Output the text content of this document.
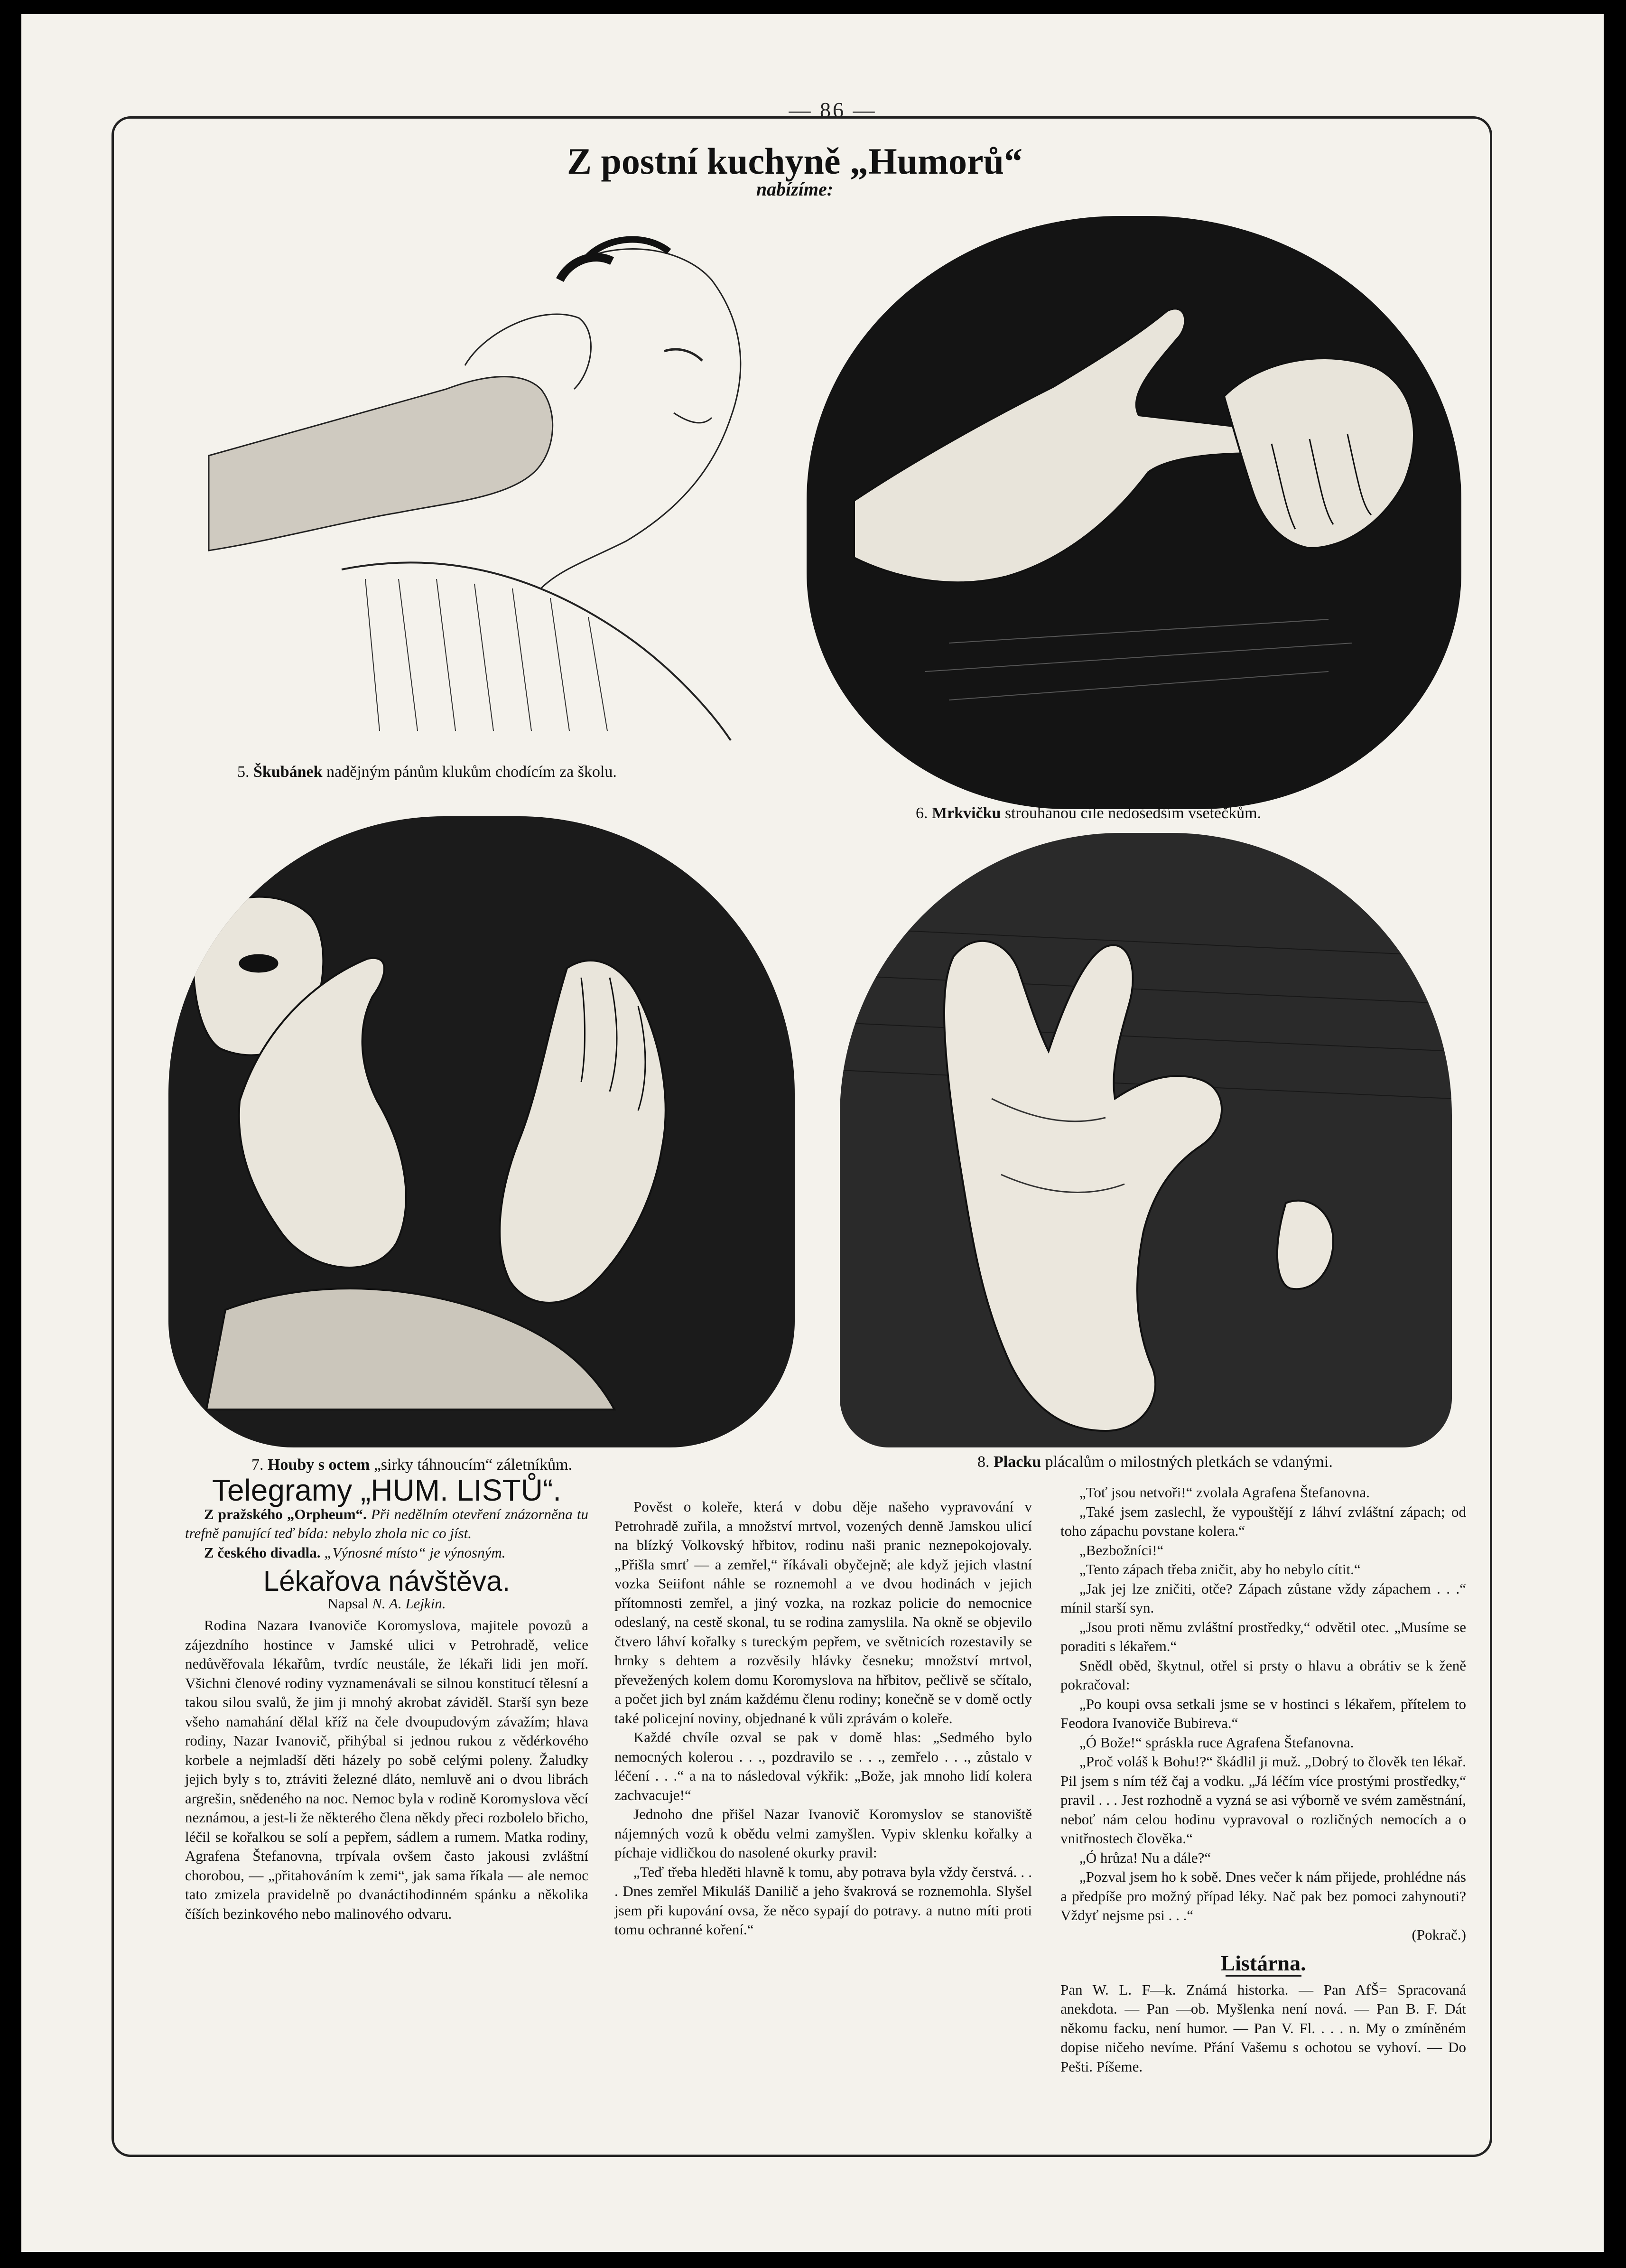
— 86 —
Z postní kuchyně „Humorů“
nabízíme:
5. Škubánek nadějným pánům klukům chodícím za školu.
6. Mrkvičku strouhanou cile nedošedším vsetečkům.
7. Houby s octem „sirky táhnoucím“ záletníkům.	8. Placku plácalům o milostných pletkách se vdanými.
Telegramy „HUM. LISTŮ“.

Z pražského „Orpheum“. Při nedělním otevření znázorněna tu trefně panující teď bída: nebylo zhola nic co jíst.

Z českého divadla. „Výnosné místo“ je výnosným.

Lékařova návštěva.
Napsal N. A. Lejkin.

Rodina Nazara Ivanoviče Koromyslova, majitele povozů a zájezdního hostince v Jamské ulici v Petrohradě, velice nedůvěřovala lékařům, tvrdíc neustále, že lékaři lidi jen moří. Všichni členové rodiny vyznamenávali se silnou konstitucí tělesní a takou silou svalů, že jim ji mnohý akrobat záviděl. Starší syn beze všeho namahání dělal kříž na čele dvoupudovým závažím; hlava rodiny, Nazar Ivanovič, přihýbal si jednou rukou z vědérkového korbele a nejmladší děti házely po sobě celými poleny. Žaludky jejich byly s to, ztráviti železné dláto, nemluvě ani o dvou librách argrešin, snědeného na noc. Nemoc byla v rodině Koromyslova věcí neznámou, a jest-li že některého člena někdy přeci rozbolelo břicho, léčil se kořalkou se solí a pepřem, sádlem a rumem. Matka rodiny, Agrafena Štefanovna, trpívala ovšem často jakousi zvláštní chorobou, — „přitahováním k zemi“, jak sama říkala — ale nemoc tato zmizela pravidelně po dvanáctihodinném spánku a několika číších bezinkového nebo malinového odvaru.

Pověst o koleře, která v dobu děje našeho vypravování v Petrohradě zuřila, a množství mrtvol, vozených denně Jamskou ulicí na blízký Volkovský hřbitov, rodinu naši pranic neznepokojovaly. „Přišla smrť — a zemřel,“ říkávali obyčejně; ale když jejich vlastní vozka Seiifont náhle se roznemohl a ve dvou hodinách v jejich přítomnosti zemřel, a jiný vozka, na rozkaz policie do nemocnice odeslaný, na cestě skonal, tu se rodina zamyslila. Na okně se objevilo čtvero láhví kořalky s tureckým pepřem, ve světnicích rozestavily se hrnky s dehtem a rozvěsily hlávky česneku; množství mrtvol, převežených kolem domu Koromyslova na hřbitov, pečlivě se sčítalo, a počet jich byl znám každému členu rodiny; konečně se v domě octly také policejní noviny, objednané k vůli zprávám o koleře.

Každé chvíle ozval se pak v domě hlas: „Sedmého bylo nemocných kolerou . . ., pozdravilo se . . ., zemřelo . . ., zůstalo v léčení . . .“ a na to následoval výkřik: „Bože, jak mnoho lidí kolera zachvacuje!“

Jednoho dne přišel Nazar Ivanovič Koromyslov se stanoviště nájemných vozů k obědu velmi zamyšlen. Vypiv sklenku kořalky a píchaje vidličkou do nasolené okurky pravil:

„Teď třeba hleděti hlavně k tomu, aby potrava byla vždy čerstvá. . . . Dnes zemřel Mikuláš Danilič a jeho švakrová se roznemohla. Slyšel jsem při kupování ovsa, že něco sypají do potravy. a nutno míti proti tomu ochranné koření.“

„Toť jsou netvoři!“ zvolala Agrafena Štefanovna.

„Také jsem zaslechl, že vypouštějí z láhví zvláštní zápach; od toho zápachu povstane kolera.“

„Bezbožníci!“

„Tento zápach třeba zničit, aby ho nebylo cítit.“

„Jak jej lze zničiti, otče? Zápach zůstane vždy zápachem . . .“ mínil starší syn.

„Jsou proti němu zvláštní prostředky,“ odvětil otec. „Musíme se poraditi s lékařem.“

Snědl oběd, škytnul, otřel si prsty o hlavu a obrátiv se k ženě pokračoval:

„Po koupi ovsa setkali jsme se v hostinci s lékařem, přítelem to Feodora Ivanoviče Bubireva.“

„Ó Bože!“ spráskla ruce Agrafena Štefanovna.

„Proč voláš k Bohu!?“ škádlil ji muž. „Dobrý to člověk ten lékař. Pil jsem s ním též čaj a vodku. „Já léčím více prostými prostředky,“ pravil . . . Jest rozhodně a vyzná se asi výborně ve svém zaměstnání, neboť nám celou hodinu vypravoval o rozličných nemocích a o vnitřnostech člověka.“

„Ó hrůza! Nu a dále?“

„Pozval jsem ho k sobě. Dnes večer k nám přijede, prohlédne nás a předpíše pro možný případ léky. Nač pak bez pomoci zahynouti? Vždyť nejsme psi . . .“

(Pokrač.)
Listárna.

Pan W. L. F—k. Známá historka. — Pan AfŠ= Spracovaná anekdota. — Pan —ob. Myšlenka není nová. — Pan B. F. Dát někomu facku, není humor. — Pan V. Fl. . . . n. My o zmíněném dopise ničeho nevíme. Přání Vašemu s ochotou se vyhoví. — Do Pešti. Píšeme.
